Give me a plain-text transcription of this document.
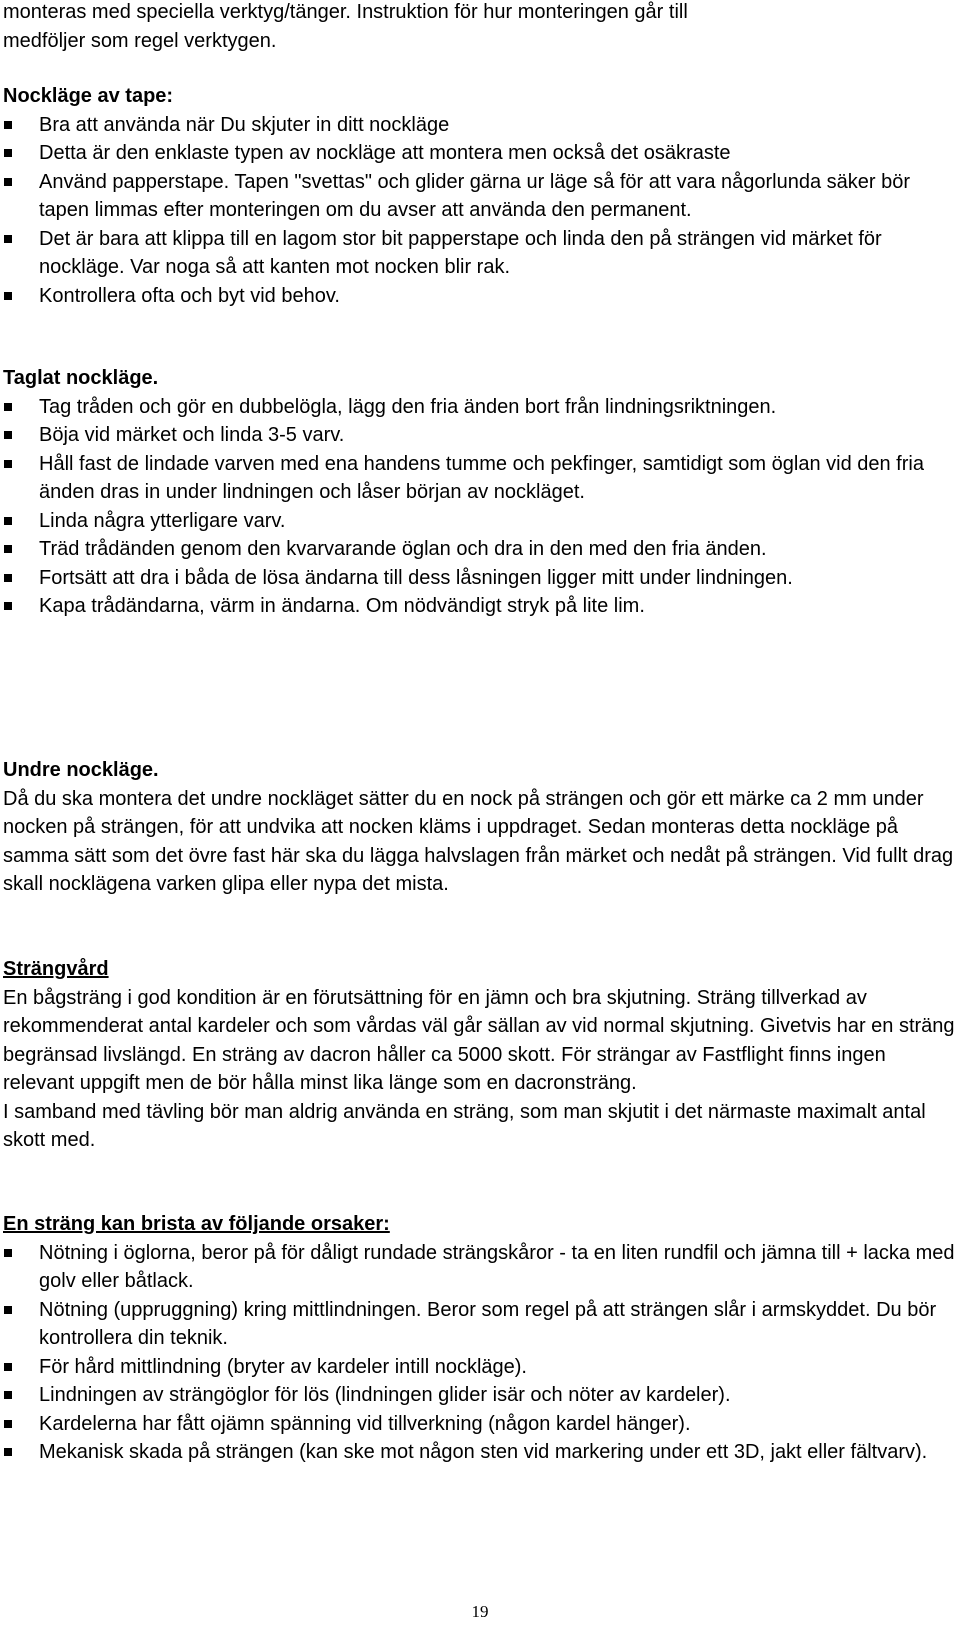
monteras med speciella verktyg/tänger. Instruktion för hur monteringen går till

medföljer som regel verktygen.

Nockläge av tape:

Bra att använda när Du skjuter in ditt nockläge
Detta är den enklaste typen av nockläge att montera men också det osäkraste
Använd papperstape. Tapen "svettas" och glider gärna ur läge så för att vara någorlunda säker bör tapen limmas efter monteringen om du avser att använda den permanent.
Det är bara att klippa till en lagom stor bit papperstape och linda den på strängen vid märket för nockläge. Var noga så att kanten mot nocken blir rak.
Kontrollera ofta och byt vid behov.

Taglat nockläge.

Tag tråden och gör en dubbelögla, lägg den fria änden bort från lindningsriktningen.
Böja vid märket och linda 3-5 varv.
Håll fast de lindade varven med ena handens tumme och pekfinger, samtidigt som öglan vid den fria änden dras in under lindningen och låser början av nockläget.
Linda några ytterligare varv.
Träd trådänden genom den kvarvarande öglan och dra in den med den fria änden.
Fortsätt att dra i båda de lösa ändarna till dess låsningen ligger mitt under lindningen.
Kapa trådändarna, värm in ändarna. Om nödvändigt stryk på lite lim.

Undre nockläge.

Då du ska montera det undre nockläget sätter du en nock på strängen och gör ett märke ca 2 mm under nocken på strängen, för att undvika att nocken kläms i uppdraget. Sedan monteras detta nockläge på samma sätt som det övre fast här ska du lägga halvslagen från märket och nedåt på strängen. Vid fullt drag skall nocklägena varken glipa eller nypa det mista.

Strängvård

En bågsträng i god kondition är en förutsättning för en jämn och bra skjutning. Sträng tillverkad av rekommenderat antal kardeler och som vårdas väl går sällan av vid normal skjutning. Givetvis har en sträng begränsad livslängd. En sträng av dacron håller ca 5000 skott. För strängar av Fastflight finns ingen relevant uppgift men de bör hålla minst lika länge som en dacronsträng.

I samband med tävling bör man aldrig använda en sträng, som man skjutit i det närmaste maximalt antal skott med.

En sträng kan brista av följande orsaker:

Nötning i öglorna, beror på för dåligt rundade strängskåror - ta en liten rundfil och jämna till + lacka med golv eller båtlack.
Nötning (uppruggning) kring mittlindningen. Beror som regel på att strängen slår i armskyddet. Du bör kontrollera din teknik.
För hård mittlindning (bryter av kardeler intill nockläge).
Lindningen av strängöglor för lös (lindningen glider isär och nöter av kardeler).
Kardelerna har fått ojämn spänning vid tillverkning (någon kardel hänger).
Mekanisk skada på strängen (kan ske mot någon sten vid markering under ett 3D, jakt eller fältvarv).
19
